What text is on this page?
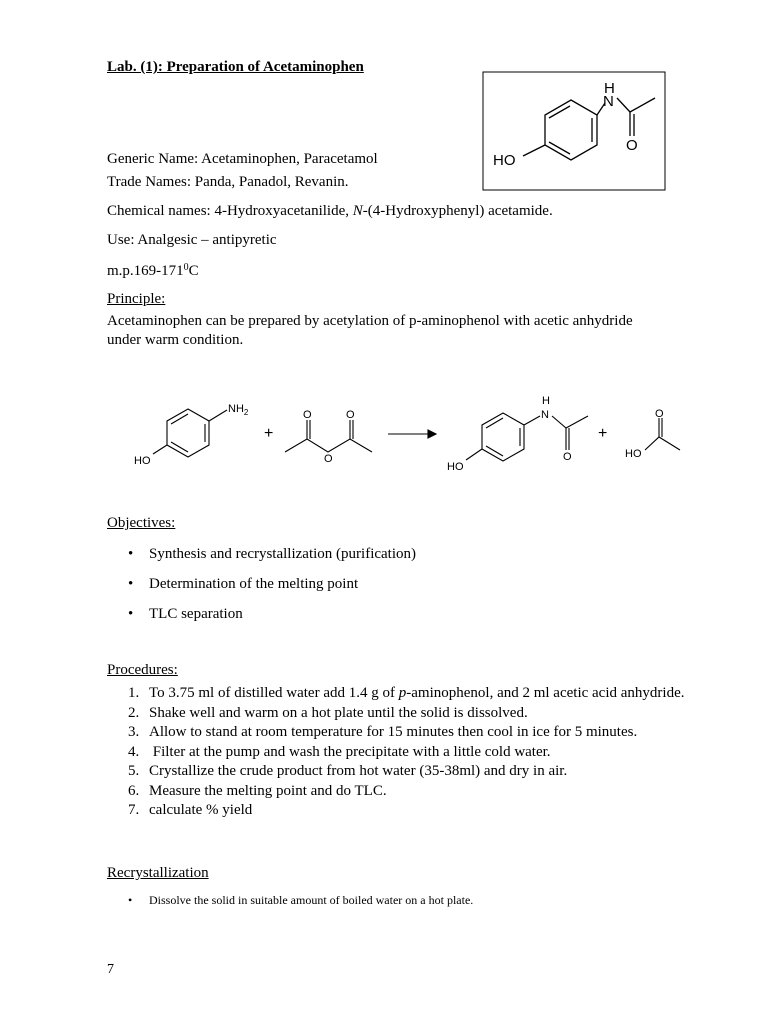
Lab. (1): Preparation of Acetaminophen
H
N
O
HO
Generic Name: Acetaminophen, Paracetamol
Trade Names: Panda, Panadol, Revanin.
Chemical names: 4-Hydroxyacetanilide, N-(4-Hydroxyphenyl) acetamide.
Use: Analgesic – antipyretic
$m.p.169-171^0C$
Principle:
Acetaminophen can be prepared by acetylation of p-aminophenol with acetic anhydride
under warm condition.
$NH_2$
HO
O	O
O
H
N
O
HO
O
HO
+	+
Objectives:
• Synthesis and recrystallization (purification)
• Determination of the melting point
• TLC separation
Procedures:
1. To 3.75 ml of distilled water add 1.4 g of p-aminophenol, and 2 ml acetic acid anhydride.
2. Shake well and warm on a hot plate until the solid is dissolved.
3. Allow to stand at room temperature for 15 minutes then cool in ice for 5 minutes.
4. Filter at the pump and wash the precipitate with a little cold water.
5. Crystallize the crude product from hot water (35-38ml) and dry in air.
6. Measure the melting point and do TLC.
7. calculate % yield
Recrystallization
• Dissolve the solid in suitable amount of boiled water on a hot plate.
7
